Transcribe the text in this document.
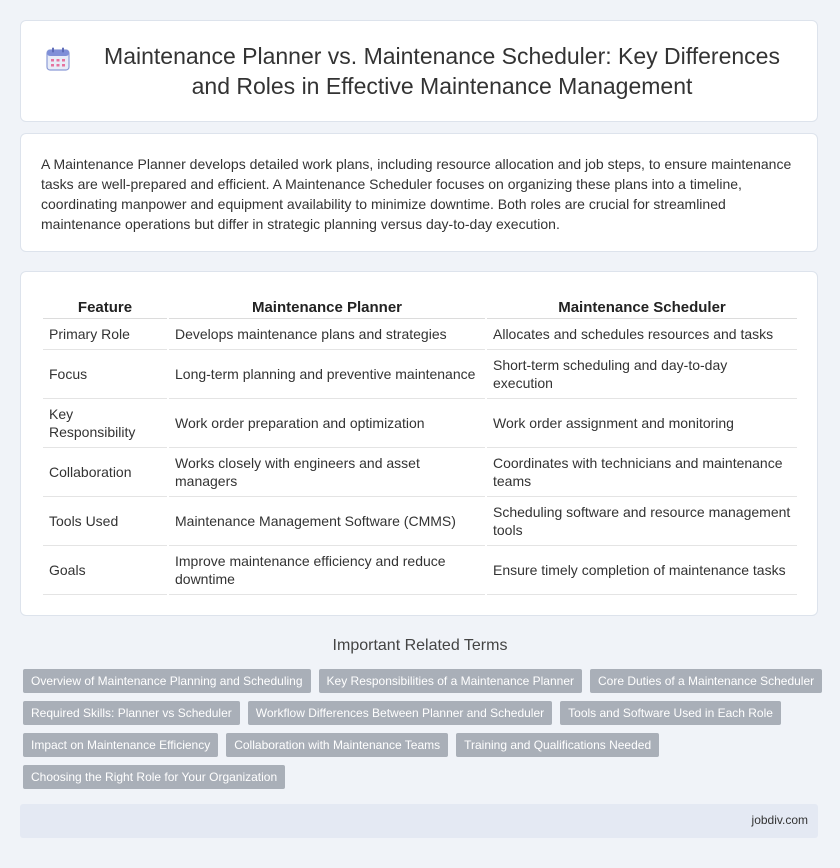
Maintenance Planner vs. Maintenance Scheduler: Key Differences and Roles in Effective Maintenance Management

A Maintenance Planner develops detailed work plans, including resource allocation and job steps, to ensure maintenance tasks are well-prepared and efficient. A Maintenance Scheduler focuses on organizing these plans into a timeline, coordinating manpower and equipment availability to minimize downtime. Both roles are crucial for streamlined maintenance operations but differ in strategic planning versus day-to-day execution.

Feature	Maintenance Planner	Maintenance Scheduler
Primary Role	Develops maintenance plans and strategies	Allocates and schedules resources and tasks
Focus	Long-term planning and preventive maintenance	Short-term scheduling and day-to-day execution
Key Responsibility	Work order preparation and optimization	Work order assignment and monitoring
Collaboration	Works closely with engineers and asset managers	Coordinates with technicians and maintenance teams
Tools Used	Maintenance Management Software (CMMS)	Scheduling software and resource management tools
Goals	Improve maintenance efficiency and reduce downtime	Ensure timely completion of maintenance tasks
Important Related Terms
Overview of Maintenance Planning and Scheduling	Key Responsibilities of a Maintenance Planner	Core Duties of a Maintenance Scheduler
Required Skills: Planner vs Scheduler	Workflow Differences Between Planner and Scheduler	Tools and Software Used in Each Role
Impact on Maintenance Efficiency	Collaboration with Maintenance Teams	Training and Qualifications Needed
Choosing the Right Role for Your Organization
jobdiv.com
